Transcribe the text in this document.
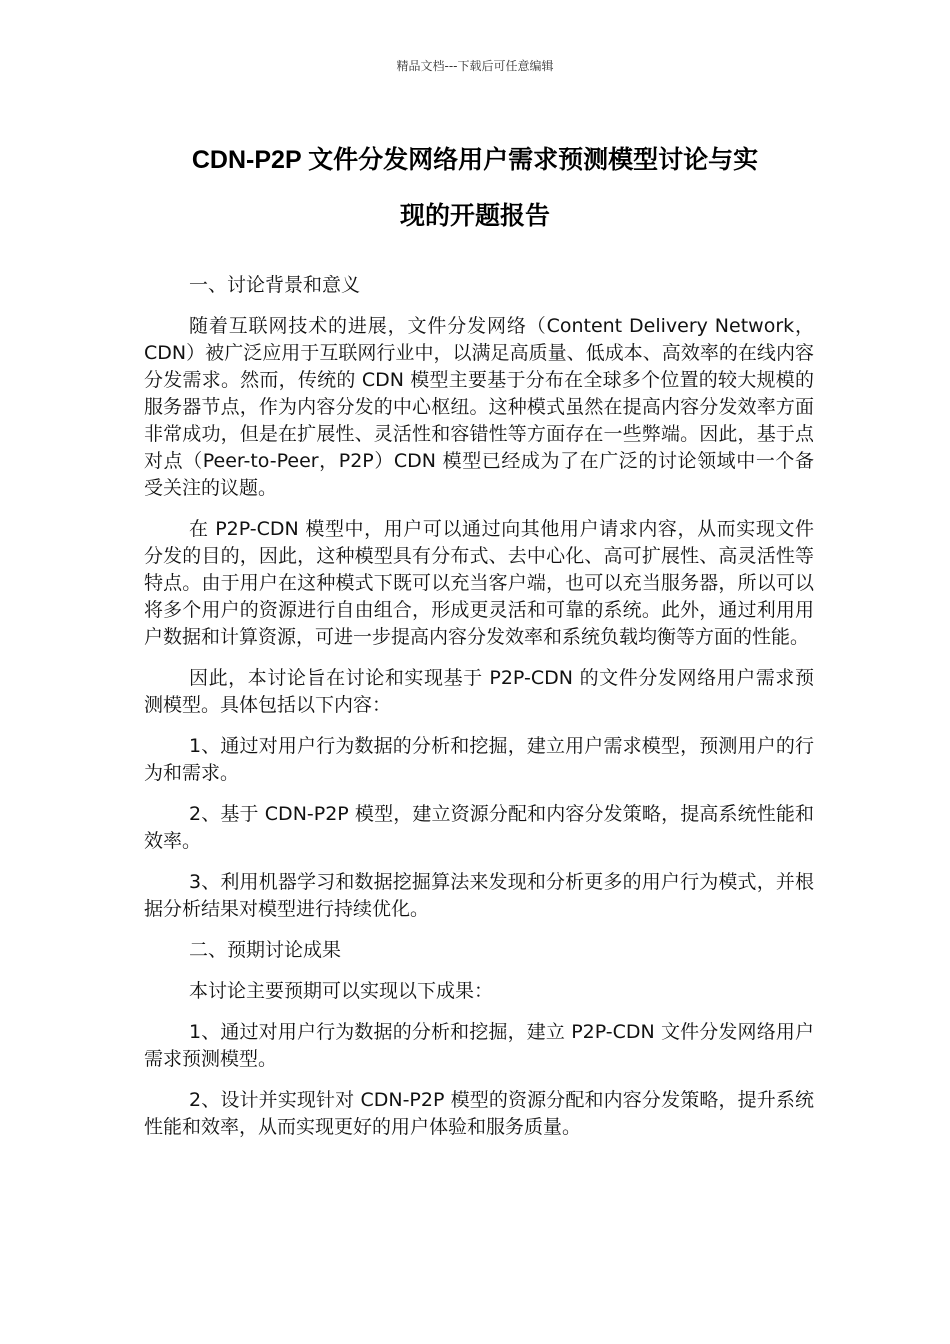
精品文档---下载后可任意编辑
CDN-P2P 文件分发网络用户需求预测模型讨论与实
现的开题报告

一、讨论背景和意义

随着互联网技术的进展，文件分发网络（Content Delivery Network，CDN）被广泛应用于互联网行业中，以满足高质量、低成本、高效率的在线内容分发需求。然而，传统的 CDN 模型主要基于分布在全球多个位置的较大规模的服务器节点，作为内容分发的中心枢纽。这种模式虽然在提高内容分发效率方面非常成功，但是在扩展性、灵活性和容错性等方面存在一些弊端。因此，基于点对点（Peer-to-Peer，P2P）CDN 模型已经成为了在广泛的讨论领域中一个备受关注的议题。

在 P2P-CDN 模型中，用户可以通过向其他用户请求内容，从而实现文件分发的目的，因此，这种模型具有分布式、去中心化、高可扩展性、高灵活性等特点。由于用户在这种模式下既可以充当客户端，也可以充当服务器，所以可以将多个用户的资源进行自由组合，形成更灵活和可靠的系统。此外，通过利用用户数据和计算资源，可进一步提高内容分发效率和系统负载均衡等方面的性能。

因此，本讨论旨在讨论和实现基于 P2P-CDN 的文件分发网络用户需求预测模型。具体包括以下内容：

1、通过对用户行为数据的分析和挖掘，建立用户需求模型，预测用户的行为和需求。

2、基于 CDN-P2P 模型，建立资源分配和内容分发策略，提高系统性能和效率。

3、利用机器学习和数据挖掘算法来发现和分析更多的用户行为模式，并根据分析结果对模型进行持续优化。

二、预期讨论成果

本讨论主要预期可以实现以下成果：

1、通过对用户行为数据的分析和挖掘，建立 P2P-CDN 文件分发网络用户需求预测模型。

2、设计并实现针对 CDN-P2P 模型的资源分配和内容分发策略，提升系统性能和效率，从而实现更好的用户体验和服务质量。
